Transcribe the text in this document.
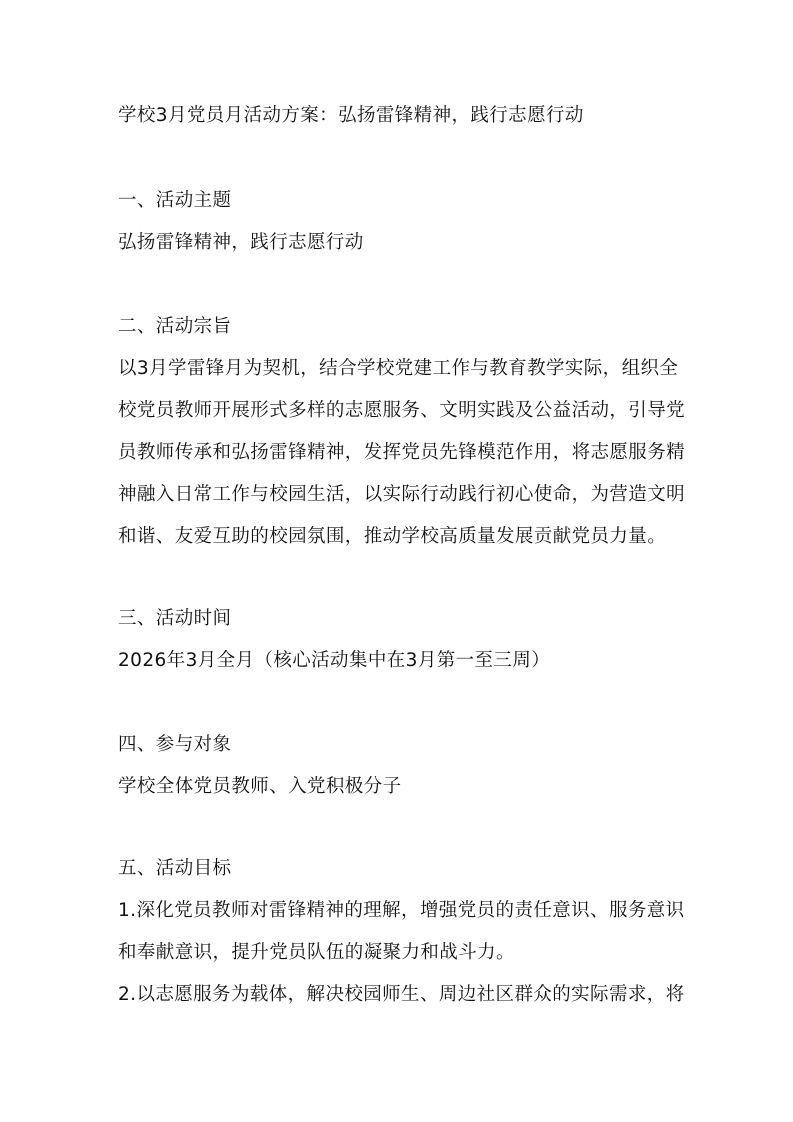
学校3月党员月活动方案：弘扬雷锋精神，践行志愿行动
一、活动主题
弘扬雷锋精神，践行志愿行动
二、活动宗旨
以3月学雷锋月为契机，结合学校党建工作与教育教学实际，组织全
校党员教师开展形式多样的志愿服务、文明实践及公益活动，引导党
员教师传承和弘扬雷锋精神，发挥党员先锋模范作用，将志愿服务精
神融入日常工作与校园生活，以实际行动践行初心使命，为营造文明
和谐、友爱互助的校园氛围，推动学校高质量发展贡献党员力量。
三、活动时间
2026年3月全月（核心活动集中在3月第一至三周）
四、参与对象
学校全体党员教师、入党积极分子
五、活动目标
1.深化党员教师对雷锋精神的理解，增强党员的责任意识、服务意识
和奉献意识，提升党员队伍的凝聚力和战斗力。
2.以志愿服务为载体，解决校园师生、周边社区群众的实际需求，将
